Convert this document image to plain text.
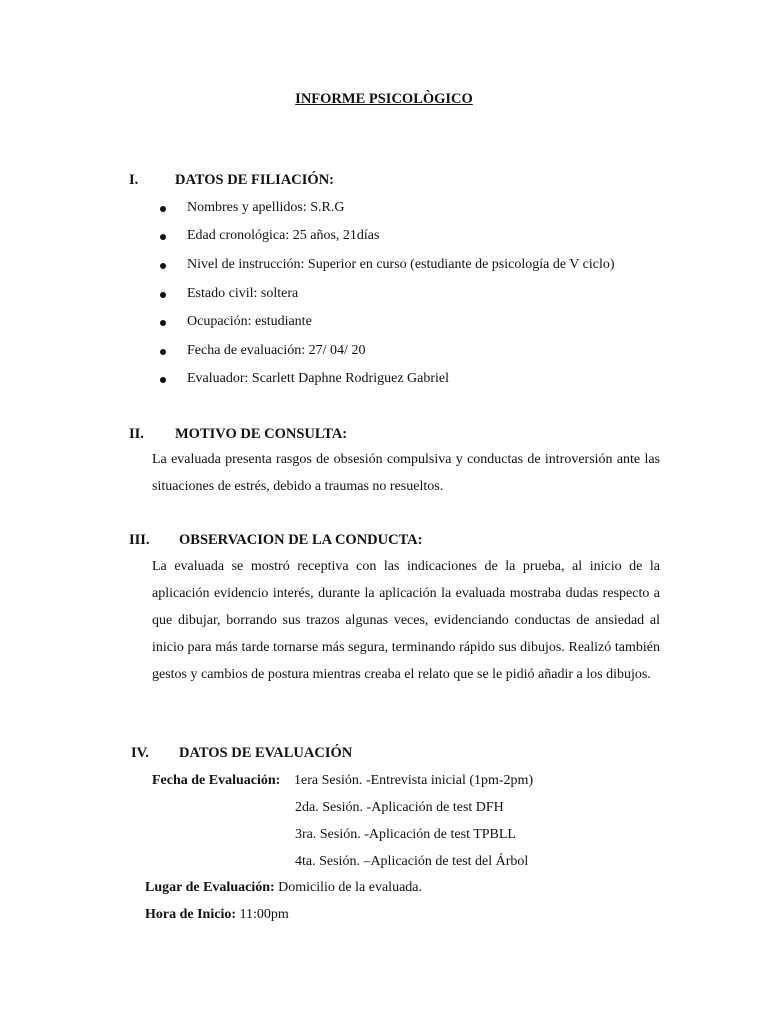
INFORME PSICOLÒGICO
I.	DATOS DE FILIACIÓN:
Nombres y apellidos: S.R.G
Edad cronológica: 25 años, 21días
Nivel de instrucción: Superior en curso (estudiante de psicología de V ciclo)
Estado civil: soltera
Ocupación: estudiante
Fecha de evaluación: 27/ 04/ 20
Evaluador: Scarlett Daphne Rodriguez Gabriel
II. MOTIVO DE CONSULTA:
La evaluada presenta rasgos de obsesión compulsiva y conductas de introversión ante las situaciones de estrés, debido a traumas no resueltos.
III. OBSERVACION DE LA CONDUCTA:
La evaluada se mostró receptiva con las indicaciones de la prueba, al inicio de la aplicación evidencio interés, durante la aplicación la evaluada mostraba dudas respecto a que dibujar, borrando sus trazos algunas veces, evidenciando conductas de ansiedad al inicio para más tarde tornarse más segura, terminando rápido sus dibujos. Realizó también gestos y cambios de postura mientras creaba el relato que se le pidió añadir a los dibujos.
IV. DATOS DE EVALUACIÓN
Fecha de Evaluación: 1era Sesión. -Entrevista inicial (1pm-2pm)
2da. Sesión. -Aplicación de test DFH
3ra. Sesión. -Aplicación de test TPBLL
4ta. Sesión. –Aplicación de test del Árbol
Lugar de Evaluación: Domicilio de la evaluada.
Hora de Inicio: 11:00pm
